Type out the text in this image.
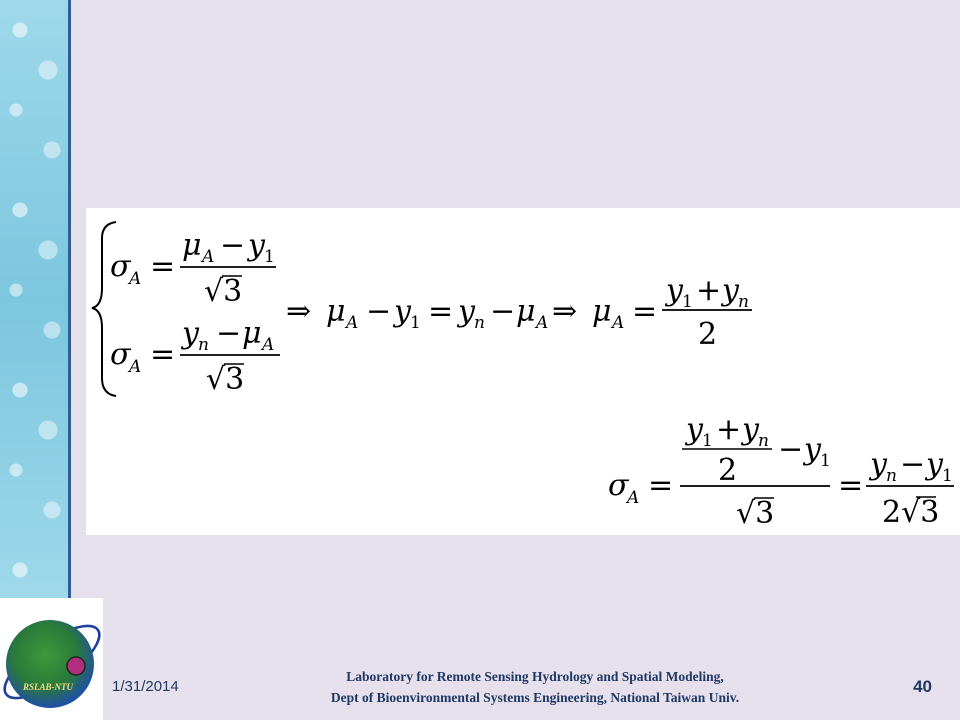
RSLAB-NTU
σ
A =
μ A − y 1
√3
σ
A =
y n − μ A
√3
⇒ μ A − y 1 = y n − μ A ⇒ μ A =
y 1 + y n
2
σ
A =
y 1 + y n
2
− y 1
√3
=
y n − y 1
2√3
1/31/2014
Laboratory for Remote Sensing Hydrology and Spatial Modeling,
Dept of Bioenvironmental Systems Engineering, National Taiwan Univ.
40
